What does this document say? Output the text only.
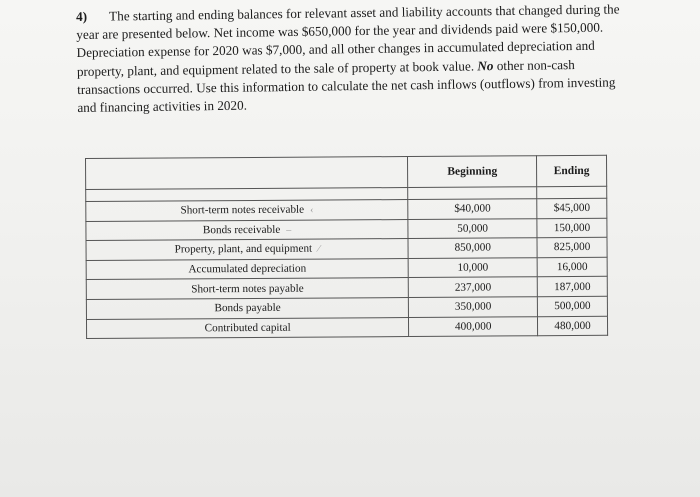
4) The starting and ending balances for relevant asset and liability accounts that changed during the year are presented below. Net income was $650,000 for the year and dividends paid were $150,000. Depreciation expense for 2020 was $7,000, and all other changes in accumulated depreciation and property, plant, and equipment related to the sale of property at book value. No other non-cash transactions occurred. Use this information to calculate the net cash inflows (outflows) from investing and financing activities in 2020.
	Beginning	Ending

Short-term notes receivable ‹	$40,000	$45,000
Bonds receivable –	50,000	150,000
Property, plant, and equipment ⁄	850,000	825,000
Accumulated depreciation	10,000	16,000
Short-term notes payable	237,000	187,000
Bonds payable	350,000	500,000
Contributed capital	400,000	480,000
